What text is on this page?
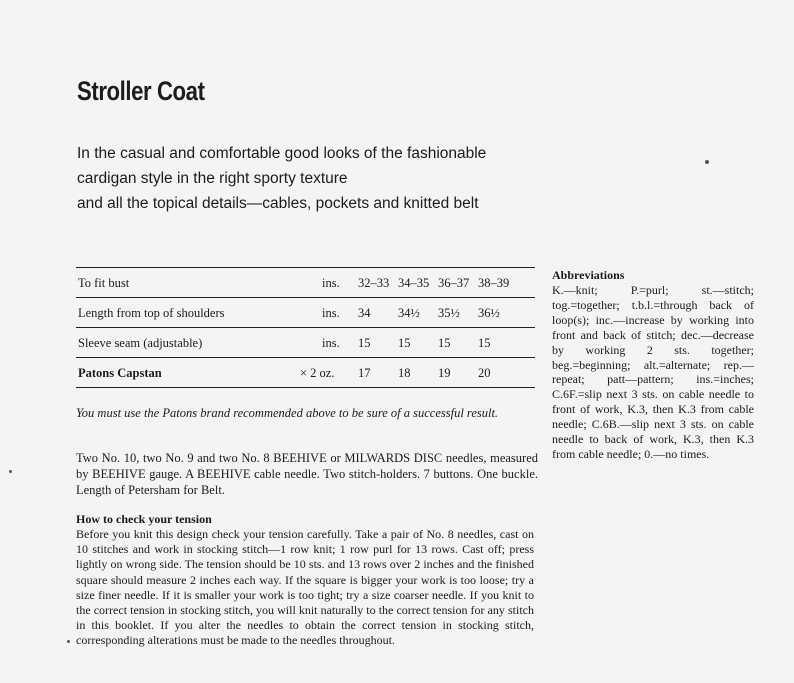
Stroller Coat
In the casual and comfortable good looks of the fashionable
cardigan style in the right sporty texture
and all the topical details—cables, pockets and knitted belt
To fit bust	ins. 32–33 34–35 36–37 38–39
Length from top of shoulders	ins. 34 34½ 35½ 36½
Sleeve seam (adjustable)	ins. 15 15 15 15
Patons Capstan	× 2 oz. 17 18 19 20
You must use the Patons brand recommended above to be sure of a successful result.
Two No. 10, two No. 9 and two No. 8 BEEHIVE or MILWARDS DISC needles, measured by BEEHIVE gauge. A BEEHIVE cable needle. Two stitch-holders. 7 buttons. One buckle. Length of Petersham for Belt.
How to check your tension
Before you knit this design check your tension carefully. Take a pair of No. 8 needles, cast on 10 stitches and work in stocking stitch—1 row knit; 1 row purl for 13 rows. Cast off; press lightly on wrong side. The tension should be 10 sts. and 13 rows over 2 inches and the finished square should measure 2 inches each way. If the square is bigger your work is too loose; try a size finer needle. If it is smaller your work is too tight; try a size coarser needle. If you knit to the correct tension in stocking stitch, you will knit naturally to the correct tension for any stitch in this booklet. If you alter the needles to obtain the correct tension in stocking stitch, corresponding alterations must be made to the needles throughout.
Abbreviations
K.—knit; P.=purl; st.—stitch; tog.=together; t.b.l.=through back of loop(s); inc.—increase by working into front and back of stitch; dec.—decrease by working 2 sts. together; beg.=beginning; alt.=alternate; rep.—repeat; patt—pattern; ins.=inches; C.6F.=slip next 3 sts. on cable needle to front of work, K.3, then K.3 from cable needle; C.6B.—slip next 3 sts. on cable needle to back of work, K.3, then K.3 from cable needle; 0.—no times.
